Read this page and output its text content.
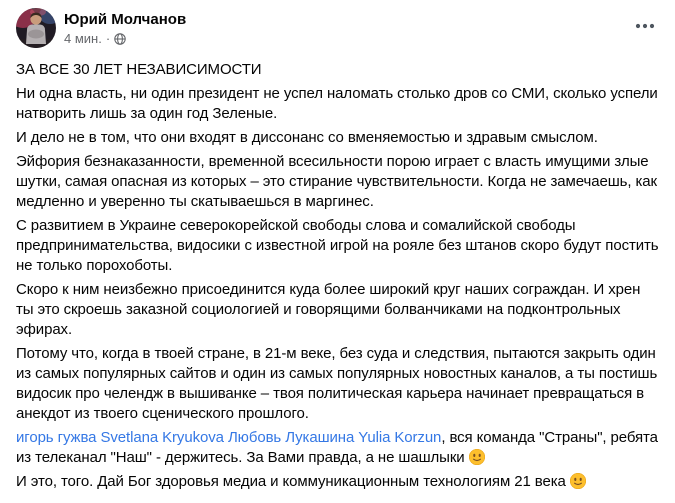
Юрий Молчанов
4 мин. ·

ЗА ВСЕ 30 ЛЕТ НЕЗАВИСИМОСТИ

Ни одна власть, ни один президент не успел наломать столько дров со СМИ, сколько успели натворить лишь за один год Зеленые.

И дело не в том, что они входят в диссонанс со вменяемостью и здравым смыслом.

Эйфория безнаказанности, временной всесильности порою играет с власть имущими злые шутки, самая опасная из которых – это стирание чувствительности. Когда не замечаешь, как медленно и уверенно ты скатываешься в маргинес.

С развитием в Украине северокорейской свободы слова и сомалийской свободы предпринимательства, видосики с известной игрой на рояле без штанов скоро будут постить не только порохоботы.

Скоро к ним неизбежно присоединится куда более широкий круг наших сограждан. И хрен ты это скроешь заказной социологией и говорящими болванчиками на подконтрольных эфирах.

Потому что, когда в твоей стране, в 21-м веке, без суда и следствия, пытаются закрыть один из самых популярных сайтов и один из самых популярных новостных каналов, а ты постишь видосик про челендж в вышиванке – твоя политическая карьера начинает превращаться в анекдот из твоего сценического прошлого.

игорь гужва Svetlana Kryukova Любовь Лукашина Yulia Korzun, вся команда "Страны", ребята из телеканал "Наш" - держитесь. За Вами правда, а не шашлыки

И это, того. Дай Бог здоровья медиа и коммуникационным технологиям 21 века
